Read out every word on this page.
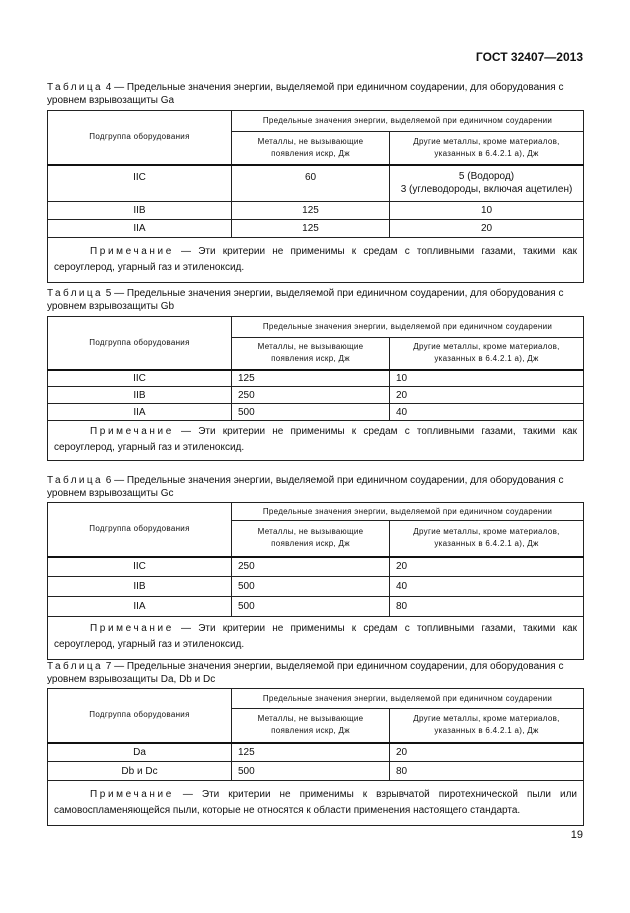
ГОСТ 32407—2013
Таблица 4 — Предельные значения энергии, выделяемой при единичном соударении, для оборудования с уровнем взрывозащиты Ga
Подгруппа оборудования	Предельные значения энергии, выделяемой при единичном соударении	
	Металлы, не вызывающие появления искр, Дж	Другие металлы, кроме материалов, указанных в 6.4.2.1 а), Дж
IIC	60	5 (Водород)
3 (углеводороды, включая ацетилен)
IIB	125	10
IIA	125	20
Примечание — Эти критерии не применимы к средам с топливными газами, такими как сероуглерод, угарный газ и этиленоксид.		
Таблица 5 — Предельные значения энергии, выделяемой при единичном соударении, для оборудования с уровнем взрывозащиты Gb
Подгруппа оборудования	Предельные значения энергии, выделяемой при единичном соударении	
	Металлы, не вызывающие появления искр, Дж	Другие металлы, кроме материалов, указанных в 6.4.2.1 а), Дж
IIC	125	10
IIB	250	20
IIA	500	40
Примечание — Эти критерии не применимы к средам с топливными газами, такими как сероуглерод, угарный газ и этиленоксид.		
Таблица 6 — Предельные значения энергии, выделяемой при единичном соударении, для оборудования с уровнем взрывозащиты Gc
Подгруппа оборудования	Предельные значения энергии, выделяемой при единичном соударении	
	Металлы, не вызывающие появления искр, Дж	Другие металлы, кроме материалов, указанных в 6.4.2.1 а), Дж
IIC	250	20
IIB	500	40
IIA	500	80
Примечание — Эти критерии не применимы к средам с топливными газами, такими как сероуглерод, угарный газ и этиленоксид.		
Таблица 7 — Предельные значения энергии, выделяемой при единичном соударении, для оборудования с уровнем взрывозащиты Da, Db и Dc
Подгруппа оборудования	Предельные значения энергии, выделяемой при единичном соударении	
	Металлы, не вызывающие появления искр, Дж	Другие металлы, кроме материалов, указанных в 6.4.2.1 а), Дж
Da	125	20
Db и Dc	500	80
Примечание — Эти критерии не применимы к взрывчатой пиротехнической пыли или самовоспламеняющейся пыли, которые не относятся к области применения настоящего стандарта.		
19
